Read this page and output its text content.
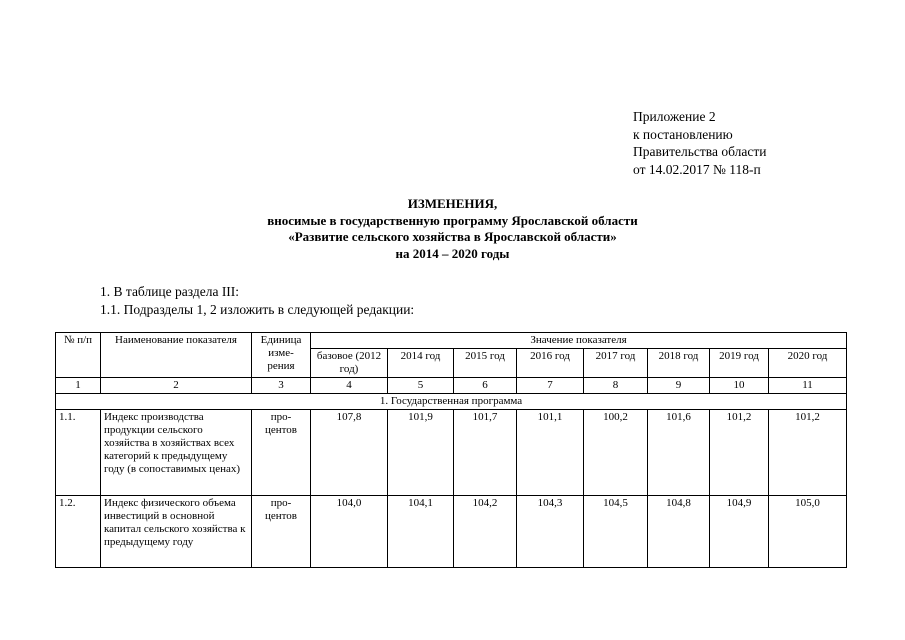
Приложение 2
к постановлению
Правительства области
от 14.02.2017 № 118-п
ИЗМЕНЕНИЯ,
вносимые в государственную программу Ярославской области
«Развитие сельского хозяйства в Ярославской области»
на 2014 – 2020 годы
1. В таблице раздела III:
1.1. Подразделы 1, 2 изложить в следующей редакции:
№ п/п	Наименование показателя	Единица изме-рения	Значение показателя							
			базовое (2012 год)	2014 год	2015 год	2016 год	2017 год	2018 год	2019 год	2020 год
1	2	3	4	5	6	7	8	9	10	11
1. Государственная программа										
1.1.	Индекс производства продукции сельского хозяйства в хозяйствах всех категорий к предыдущему году (в сопоставимых ценах)	про-центов	107,8	101,9	101,7	101,1	100,2	101,6	101,2	101,2
1.2.	Индекс физического объема инвестиций в основной капитал сельского хозяйства к предыдущему году	про-центов	104,0	104,1	104,2	104,3	104,5	104,8	104,9	105,0
